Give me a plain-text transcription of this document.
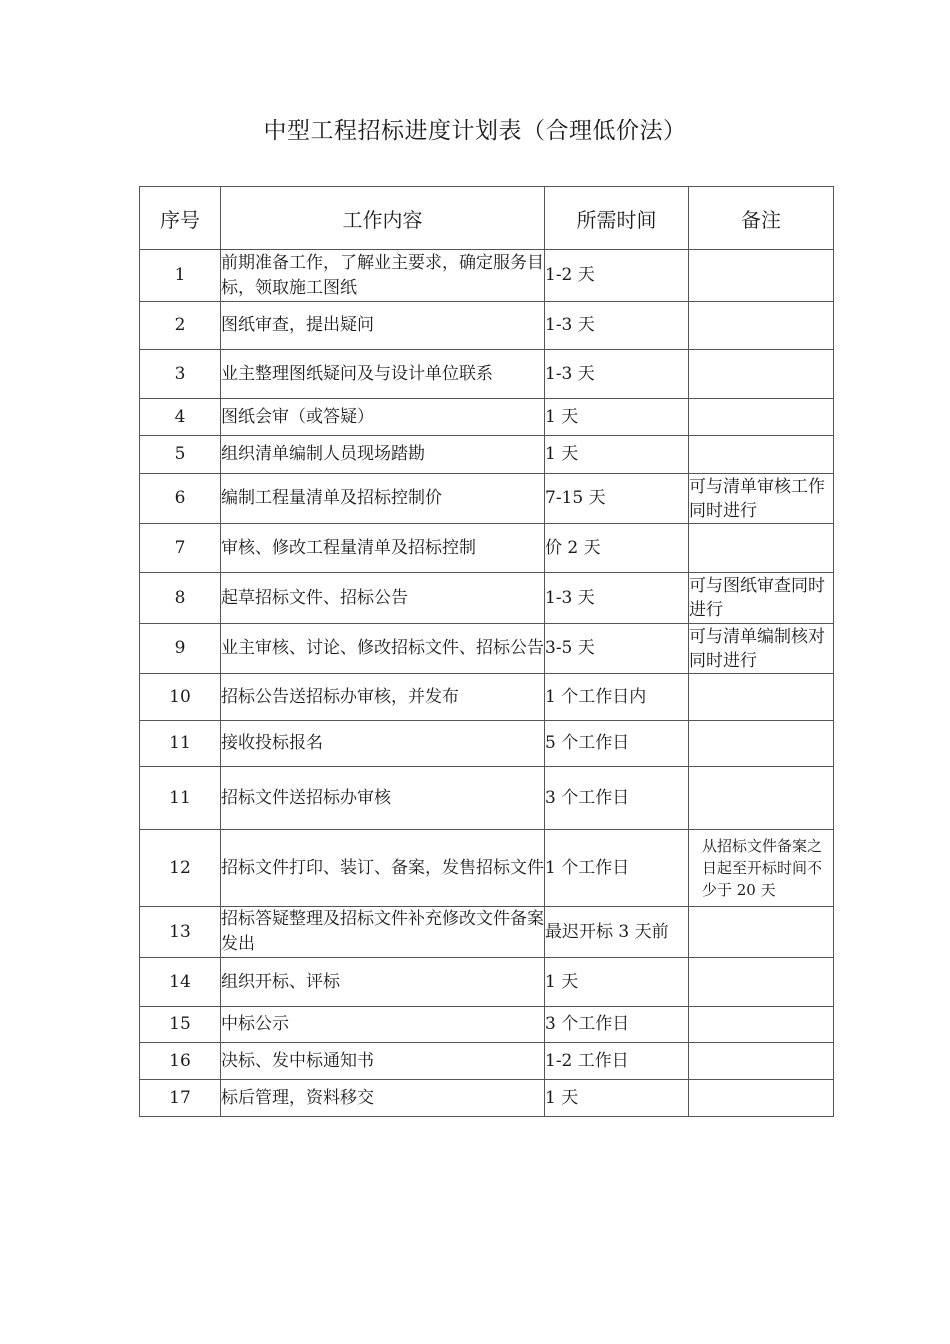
中型工程招标进度计划表（合理低价法）
序号	工作内容	所需时间	备注
1	前期准备工作，了解业主要求，确定服务目标，领取施工图纸	1-2 天	
2	图纸审查，提出疑问	1-3 天	
3	业主整理图纸疑问及与设计单位联系	1-3 天	
4	图纸会审（或答疑）	1 天	
5	组织清单编制人员现场踏勘	1 天	
6	编制工程量清单及招标控制价	7-15 天	可与清单审核工作同时进行
7	审核、修改工程量清单及招标控制	价 2 天	
8	起草招标文件、招标公告	1-3 天	可与图纸审查同时进行
9	业主审核、讨论、修改招标文件、招标公告	3-5 天	可与清单编制核对同时进行
10	招标公告送招标办审核，并发布	1 个工作日内	
11	接收投标报名	5 个工作日	
11	招标文件送招标办审核	3 个工作日	
12	招标文件打印、装订、备案，发售招标文件	1 个工作日	从招标文件备案之日起至开标时间不少于 20 天
13	招标答疑整理及招标文件补充修改文件备案发出	最迟开标 3 天前	
14	组织开标、评标	1 天	
15	中标公示	3 个工作日	
16	决标、发中标通知书	1-2 工作日	
17	标后管理，资料移交	1 天	
